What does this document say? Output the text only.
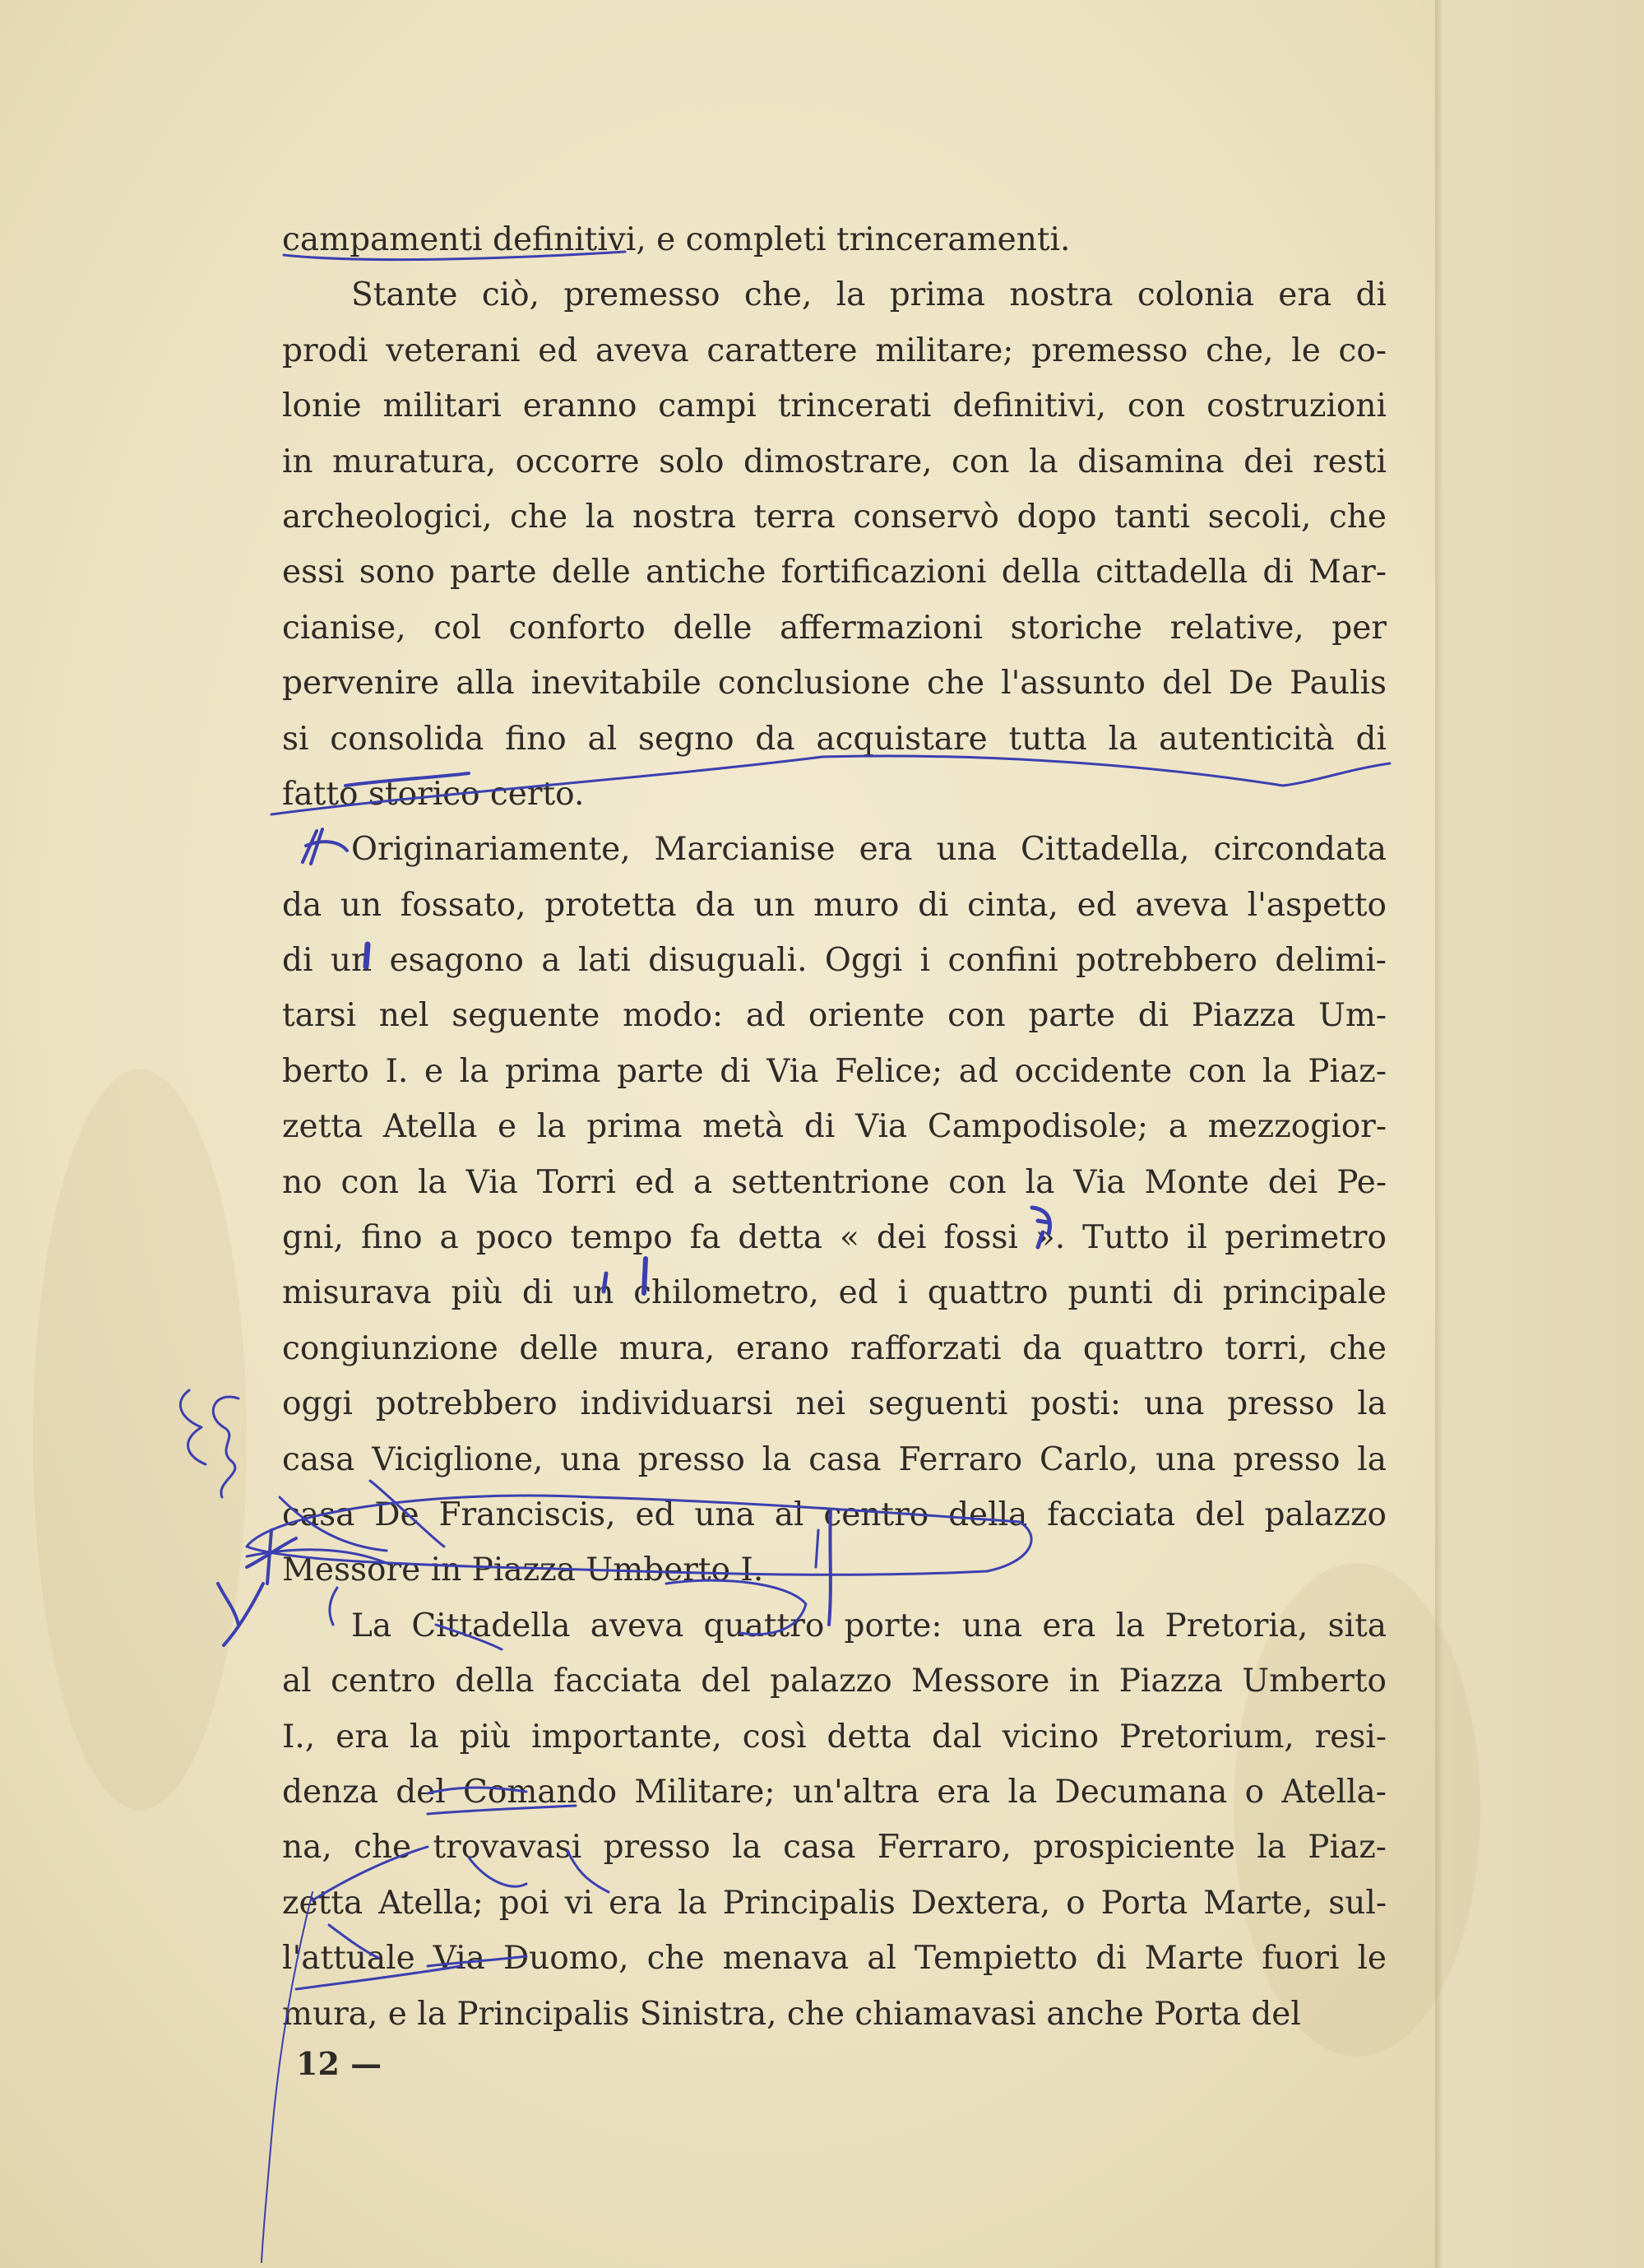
campamenti definitivi, e completi trinceramenti.
Stante ciò, premesso che, la prima nostra colonia era di
prodi veterani ed aveva carattere militare; premesso che, le co-
lonie militari eranno campi trincerati definitivi, con costruzioni
in muratura, occorre solo dimostrare, con la disamina dei resti
archeologici, che la nostra terra conservò dopo tanti secoli, che
essi sono parte delle antiche fortificazioni della cittadella di Mar-
cianise, col conforto delle affermazioni storiche relative, per
pervenire alla inevitabile conclusione che l'assunto del De Paulis
si consolida fino al segno da acquistare tutta la autenticità di
fatto storico certo.
Originariamente, Marcianise era una Cittadella, circondata
da un fossato, protetta da un muro di cinta, ed aveva l'aspetto
di un esagono a lati disuguali. Oggi i confini potrebbero delimi-
tarsi nel seguente modo: ad oriente con parte di Piazza Um-
berto I. e la prima parte di Via Felice; ad occidente con la Piaz-
zetta Atella e la prima metà di Via Campodisole; a mezzogior-
no con la Via Torri ed a settentrione con la Via Monte dei Pe-
gni, fino a poco tempo fa detta « dei fossi ». Tutto il perimetro
misurava più di un chilometro, ed i quattro punti di principale
congiunzione delle mura, erano rafforzati da quattro torri, che
oggi potrebbero individuarsi nei seguenti posti: una presso la
casa Viciglione, una presso la casa Ferraro Carlo, una presso la
casa De Franciscis, ed una al centro della facciata del palazzo
Messore in Piazza Umberto I.
La Cittadella aveva quattro porte: una era la Pretoria, sita
al centro della facciata del palazzo Messore in Piazza Umberto
I., era la più importante, così detta dal vicino Pretorium, resi-
denza del Comando Militare; un'altra era la Decumana o Atella-
na, che trovavasi presso la casa Ferraro, prospiciente la Piaz-
zetta Atella; poi vi era la Principalis Dextera, o Porta Marte, sul-
l'attuale Via Duomo, che menava al Tempietto di Marte fuori le
mura, e la Principalis Sinistra, che chiamavasi anche Porta del

12 —
